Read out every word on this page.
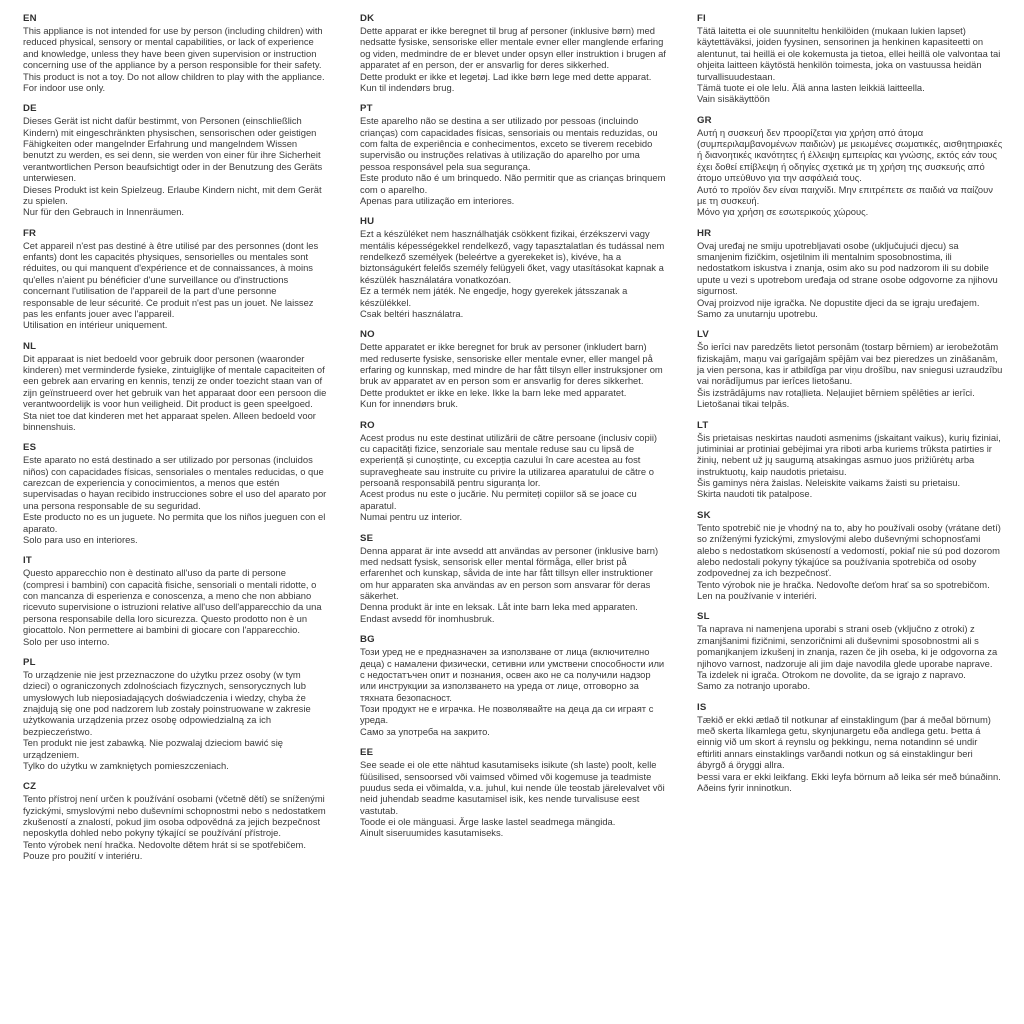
EN

This appliance is not intended for use by person (including children) with reduced physical, sensory or mental capabilities, or lack of experience and knowledge, unless they have been given supervision or instruction concerning use of the appliance by a person responsible for their safety.

This product is not a toy. Do not allow children to play with the appliance.

For indoor use only.

DE

Dieses Gerät ist nicht dafür bestimmt, von Personen (einschließlich Kindern) mit eingeschränkten physischen, sensorischen oder geistigen Fähigkeiten oder mangelnder Erfahrung und mangelndem Wissen benutzt zu werden, es sei denn, sie werden von einer für ihre Sicherheit verantwortlichen Person beaufsichtigt oder in der Benutzung des Geräts unterwiesen.

Dieses Produkt ist kein Spielzeug. Erlaube Kindern nicht, mit dem Gerät zu spielen.

Nur für den Gebrauch in Innenräumen.

FR

Cet appareil n'est pas destiné à être utilisé par des personnes (dont les enfants) dont les capacités physiques, sensorielles ou mentales sont réduites, ou qui manquent d'expérience et de connaissances, à moins qu'elles n'aient pu bénéficier d'une surveillance ou d'instructions concernant l'utilisation de l'appareil de la part d'une personne responsable de leur sécurité. Ce produit n'est pas un jouet. Ne laissez pas les enfants jouer avec l'appareil.

Utilisation en intérieur uniquement.

NL

Dit apparaat is niet bedoeld voor gebruik door personen (waaronder kinderen) met verminderde fysieke, zintuiglijke of mentale capaciteiten of een gebrek aan ervaring en kennis, tenzij ze onder toezicht staan van of zijn geïnstrueerd over het gebruik van het apparaat door een persoon die verantwoordelijk is voor hun veiligheid. Dit product is geen speelgoed. Sta niet toe dat kinderen met het apparaat spelen. Alleen bedoeld voor binnenshuis.

ES

Este aparato no está destinado a ser utilizado por personas (incluidos niños) con capacidades físicas, sensoriales o mentales reducidas, o que carezcan de experiencia y conocimientos, a menos que estén supervisadas o hayan recibido instrucciones sobre el uso del aparato por una persona responsable de su seguridad.

Este producto no es un juguete. No permita que los niños jueguen con el aparato.

Solo para uso en interiores.

IT

Questo apparecchio non è destinato all'uso da parte di persone (compresi i bambini) con capacità fisiche, sensoriali o mentali ridotte, o con mancanza di esperienza e conoscenza, a meno che non abbiano ricevuto supervisione o istruzioni relative all'uso dell'apparecchio da una persona responsabile della loro sicurezza. Questo prodotto non è un giocattolo. Non permettere ai bambini di giocare con l'apparecchio.

Solo per uso interno.

PL

To urządzenie nie jest przeznaczone do użytku przez osoby (w tym dzieci) o ograniczonych zdolnościach fizycznych, sensorycznych lub umysłowych lub nieposiadających doświadczenia i wiedzy, chyba że znajdują się one pod nadzorem lub zostały poinstruowane w zakresie użytkowania urządzenia przez osobę odpowiedzialną za ich bezpieczeństwo.

Ten produkt nie jest zabawką. Nie pozwalaj dzieciom bawić się urządzeniem.

Tylko do użytku w zamkniętych pomieszczeniach.

CZ

Tento přístroj není určen k používání osobami (včetně dětí) se sníženými fyzickými, smyslovými nebo duševními schopnostmi nebo s nedostatkem zkušeností a znalostí, pokud jim osoba odpovědná za jejich bezpečnost neposkytla dohled nebo pokyny týkající se používání přístroje.

Tento výrobek není hračka. Nedovolte dětem hrát si se spotřebičem.

Pouze pro použití v interiéru.

DK

Dette apparat er ikke beregnet til brug af personer (inklusive børn) med nedsatte fysiske, sensoriske eller mentale evner eller manglende erfaring og viden, medmindre de er blevet under opsyn eller instruktion i brugen af apparatet af en person, der er ansvarlig for deres sikkerhed.

Dette produkt er ikke et legetøj. Lad ikke børn lege med dette apparat.

Kun til indendørs brug.

PT

Este aparelho não se destina a ser utilizado por pessoas (incluindo crianças) com capacidades físicas, sensoriais ou mentais reduzidas, ou com falta de experiência e conhecimentos, exceto se tiverem recebido supervisão ou instruções relativas à utilização do aparelho por uma pessoa responsável pela sua segurança.

Este produto não é um brinquedo. Não permitir que as crianças brinquem com o aparelho.

Apenas para utilização em interiores.

HU

Ezt a készüléket nem használhatják csökkent fizikai, érzékszervi vagy mentális képességekkel rendelkező, vagy tapasztalatlan és tudással nem rendelkező személyek (beleértve a gyerekeket is), kivéve, ha a biztonságukért felelős személy felügyeli őket, vagy utasításokat kapnak a készülék használatára vonatkozóan.

Ez a termék nem játék. Ne engedje, hogy gyerekek játsszanak a készülékkel.

Csak beltéri használatra.

NO

Dette apparatet er ikke beregnet for bruk av personer (inkludert barn) med reduserte fysiske, sensoriske eller mentale evner, eller mangel på erfaring og kunnskap, med mindre de har fått tilsyn eller instruksjoner om bruk av apparatet av en person som er ansvarlig for deres sikkerhet.

Dette produktet er ikke en leke. Ikke la barn leke med apparatet.

Kun for innendørs bruk.

RO

Acest produs nu este destinat utilizării de către persoane (inclusiv copii) cu capacități fizice, senzoriale sau mentale reduse sau cu lipsă de experiență și cunoștințe, cu excepția cazului în care acestea au fost supravegheate sau instruite cu privire la utilizarea aparatului de către o persoană responsabilă pentru siguranța lor.

Acest produs nu este o jucărie. Nu permiteți copiilor să se joace cu aparatul.

Numai pentru uz interior.

SE

Denna apparat är inte avsedd att användas av personer (inklusive barn) med nedsatt fysisk, sensorisk eller mental förmåga, eller brist på erfarenhet och kunskap, såvida de inte har fått tillsyn eller instruktioner om hur apparaten ska användas av en person som ansvarar för deras säkerhet.

Denna produkt är inte en leksak. Låt inte barn leka med apparaten.

Endast avsedd för inomhusbruk.

BG

Този уред не е предназначен за използване от лица (включително деца) с намалени физически, сетивни или умствени способности или с недостатъчен опит и познания, освен ако не са получили надзор или инструкции за използването на уреда от лице, отговорно за тяхната безопасност.

Този продукт не е играчка. Не позволявайте на деца да си играят с уреда.

Само за употреба на закрито.

EE

See seade ei ole ette nähtud kasutamiseks isikute (sh laste) poolt, kelle füüsilised, sensoorsed või vaimsed võimed või kogemuse ja teadmiste puudus seda ei võimalda, v.a. juhul, kui nende üle teostab järelevalvet või neid juhendab seadme kasutamisel isik, kes nende turvalisuse eest vastutab.

Toode ei ole mänguasi. Ärge laske lastel seadmega mängida.

Ainult siseruumides kasutamiseks.

FI

Tätä laitetta ei ole suunniteltu henkilöiden (mukaan lukien lapset) käytettäväksi, joiden fyysinen, sensorinen ja henkinen kapasiteetti on alentunut, tai heillä ei ole kokemusta ja tietoa, ellei heillä ole valvontaa tai ohjeita laitteen käytöstä henkilön toimesta, joka on vastuussa heidän turvallisuudestaan.

Tämä tuote ei ole lelu. Älä anna lasten leikkiä laitteella.

Vain sisäkäyttöön

GR

Αυτή η συσκευή δεν προορίζεται για χρήση από άτομα (συμπεριλαμβανομένων παιδιών) με μειωμένες σωματικές, αισθητηριακές ή διανοητικές ικανότητες ή έλλειψη εμπειρίας και γνώσης, εκτός εάν τους έχει δοθεί επίβλεψη ή οδηγίες σχετικά με τη χρήση της συσκευής από άτομο υπεύθυνο για την ασφάλειά τους.

Αυτό το προϊόν δεν είναι παιχνίδι. Μην επιτρέπετε σε παιδιά να παίζουν με τη συσκευή.

Μόνο για χρήση σε εσωτερικούς χώρους.

HR

Ovaj uređaj ne smiju upotrebljavati osobe (uključujući djecu) sa smanjenim fizičkim, osjetilnim ili mentalnim sposobnostima, ili nedostatkom iskustva i znanja, osim ako su pod nadzorom ili su dobile upute u vezi s upotrebom uređaja od strane osobe odgovorne za njihovu sigurnost.

Ovaj proizvod nije igračka. Ne dopustite djeci da se igraju uređajem.

Samo za unutarnju upotrebu.

LV

Šo ierīci nav paredzēts lietot personām (tostarp bērniem) ar ierobežotām fiziskajām, maņu vai garīgajām spējām vai bez pieredzes un zināšanām, ja vien persona, kas ir atbildīga par viņu drošību, nav sniegusi uzraudzību vai norādījumus par ierīces lietošanu.

Šis izstrādājums nav rotaļlieta. Neļaujiet bērniem spēlēties ar ierīci.

Lietošanai tikai telpās.

LT

Šis prietaisas neskirtas naudoti asmenims (įskaitant vaikus), kurių fiziniai, jutiminiai ar protiniai gebėjimai yra riboti arba kuriems trūksta patirties ir žinių, nebent už jų saugumą atsakingas asmuo juos prižiūrėtų arba instruktuotų, kaip naudotis prietaisu.

Šis gaminys nėra žaislas. Neleiskite vaikams žaisti su prietaisu.

Skirta naudoti tik patalpose.

SK

Tento spotrebič nie je vhodný na to, aby ho používali osoby (vrátane detí) so zníženými fyzickými, zmyslovými alebo duševnými schopnosťami alebo s nedostatkom skúseností a vedomostí, pokiaľ nie sú pod dozorom alebo nedostali pokyny týkajúce sa používania spotrebiča od osoby zodpovednej za ich bezpečnosť.

Tento výrobok nie je hračka. Nedovoľte deťom hrať sa so spotrebičom.

Len na používanie v interiéri.

SL

Ta naprava ni namenjena uporabi s strani oseb (vključno z otroki) z zmanjšanimi fizičnimi, senzoričnimi ali duševnimi sposobnostmi ali s pomanjkanjem izkušenj in znanja, razen če jih oseba, ki je odgovorna za njihovo varnost, nadzoruje ali jim daje navodila glede uporabe naprave.

Ta izdelek ni igrača. Otrokom ne dovolite, da se igrajo z napravo.

Samo za notranjo uporabo.

IS

Tækið er ekki ætlað til notkunar af einstaklingum (þar á meðal börnum) með skerta líkamlega getu, skynjunargetu eða andlega getu. Þetta á einnig við um skort á reynslu og þekkingu, nema notandinn sé undir eftirliti annars einstaklings varðandi notkun og sá einstaklingur beri ábyrgð á öryggi allra.

Þessi vara er ekki leikfang. Ekki leyfa börnum að leika sér með búnaðinn.

Aðeins fyrir inninotkun.
